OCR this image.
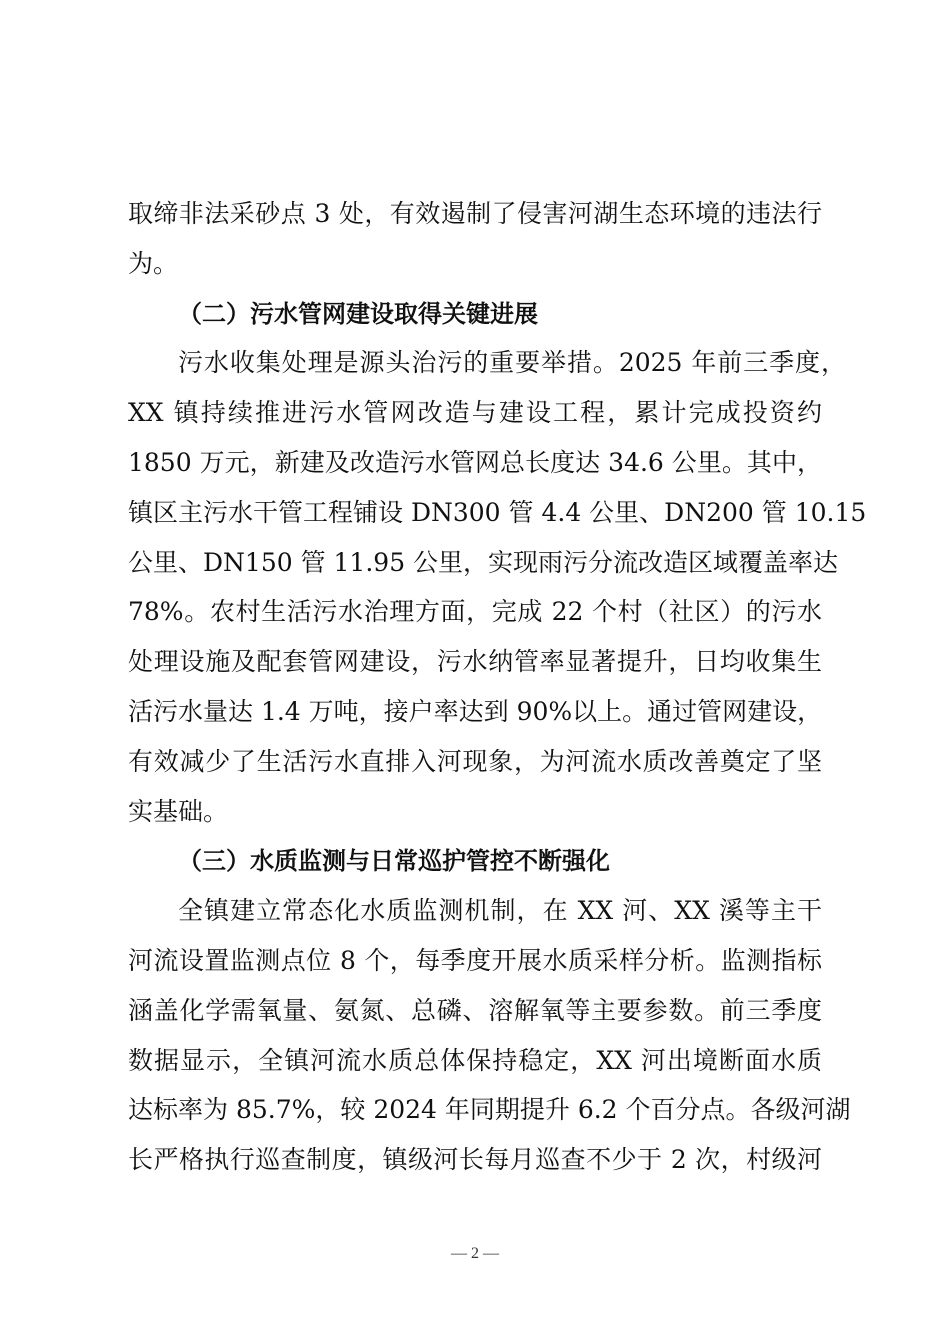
取缔非法采砂点 3 处，有效遏制了侵害河湖生态环境的违法行
为。
（二）污水管网建设取得关键进展
污水收集处理是源头治污的重要举措。2025 年前三季度，
XX 镇持续推进污水管网改造与建设工程，累计完成投资约
1850 万元，新建及改造污水管网总长度达 34.6 公里。其中，
镇区主污水干管工程铺设 DN300 管 4.4 公里、DN200 管 10.15
公里、DN150 管 11.95 公里，实现雨污分流改造区域覆盖率达
78%。农村生活污水治理方面，完成 22 个村（社区）的污水
处理设施及配套管网建设，污水纳管率显著提升，日均收集生
活污水量达 1.4 万吨，接户率达到 90%以上。通过管网建设，
有效减少了生活污水直排入河现象，为河流水质改善奠定了坚
实基础。
（三）水质监测与日常巡护管控不断强化
全镇建立常态化水质监测机制，在 XX 河、XX 溪等主干
河流设置监测点位 8 个，每季度开展水质采样分析。监测指标
涵盖化学需氧量、氨氮、总磷、溶解氧等主要参数。前三季度
数据显示，全镇河流水质总体保持稳定，XX 河出境断面水质
达标率为 85.7%，较 2024 年同期提升 6.2 个百分点。各级河湖
长严格执行巡查制度，镇级河长每月巡查不少于 2 次，村级河
— 2 —
